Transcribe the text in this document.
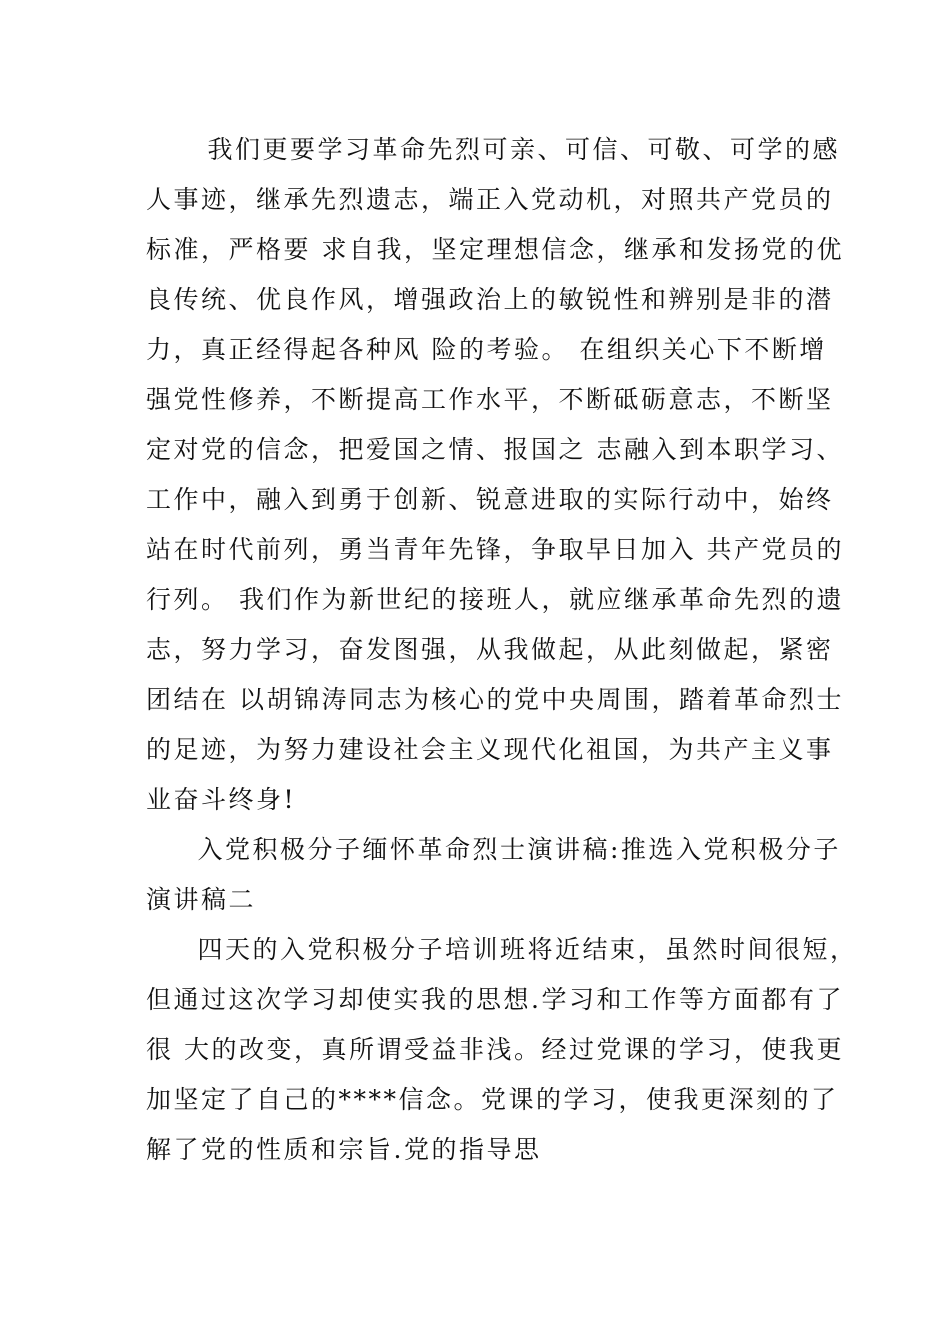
　我们更要学习革命先烈可亲、可信、可敬、可学的感
人事迹，继承先烈遗志，端正入党动机，对照共产党员的
标准，严格要 求自我，坚定理想信念，继承和发扬党的优
良传统、优良作风，增强政治上的敏锐性和辨别是非的潜
力，真正经得起各种风 险的考验。 在组织关心下不断增
强党性修养，不断提高工作水平，不断砥砺意志，不断坚
定对党的信念，把爱国之情、报国之 志融入到本职学习、
工作中，融入到勇于创新、锐意进取的实际行动中，始终
站在时代前列，勇当青年先锋，争取早日加入 共产党员的
行列。 我们作为新世纪的接班人，就应继承革命先烈的遗
志，努力学习，奋发图强，从我做起，从此刻做起，紧密
团结在 以胡锦涛同志为核心的党中央周围，踏着革命烈士
的足迹，为努力建设社会主义现代化祖国，为共产主义事
业奋斗终身!
　入党积极分子缅怀革命烈士演讲稿:推选入党积极分子
演讲稿二
　四天的入党积极分子培训班将近结束，虽然时间很短，
但通过这次学习却使实我的思想.学习和工作等方面都有了
很 大的改变，真所谓受益非浅。经过党课的学习，使我更
加坚定了自己的****信念。党课的学习，使我更深刻的了
解了党的性质和宗旨.党的指导思
